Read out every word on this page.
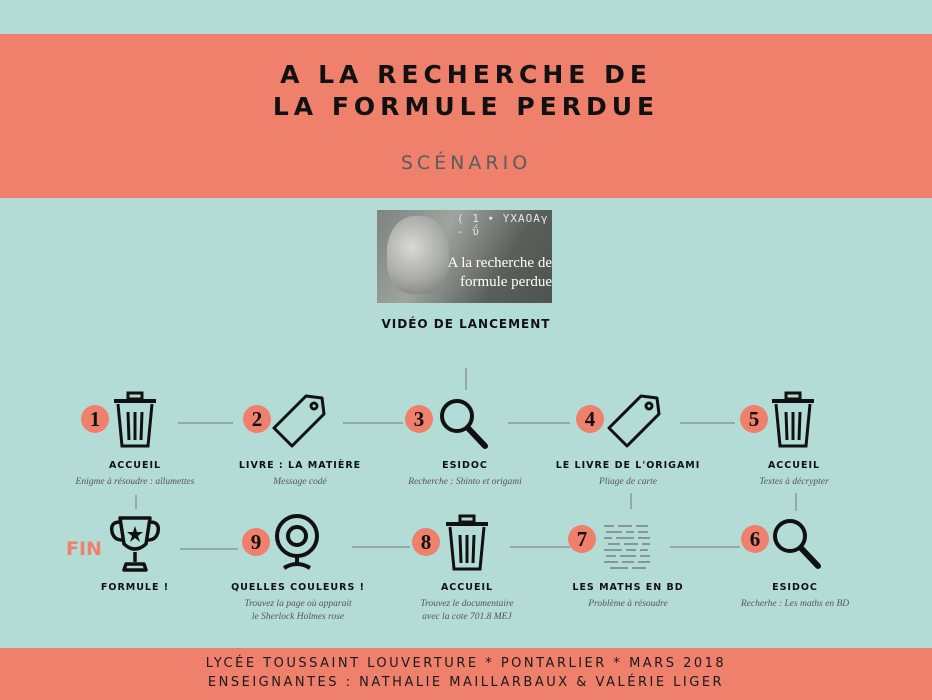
A LA RECHERCHE DE
LA FORMULE PERDUE
SCÉNARIO
( 1 ∙ ΥΧΑΟΑγ - ΰ
A la recherche de
formule perdue
VIDÉO DE LANCEMENT
1
ACCUEIL
Enigme à résoudre : allumettes
2
LIVRE : LA MATIÈRE
Message codé
3
ESIDOC
Recherche : Shinto et origami
4
LE LIVRE DE L'ORIGAMI
Pliage de carte
5
ACCUEIL
Textes à décrypter
6
ESIDOC
Recherhe : Les maths en BD
7
LES MATHS EN BD
Problème à résoudre
8
ACCUEIL
Trouvez le documentaire
avec la cote 701.8 MEJ
9
QUELLES COULEURS !
Trouvez la page où apparait
le Sherlock Holmes rose
FIN
FORMULE !
LYCÉE TOUSSAINT LOUVERTURE * PONTARLIER * MARS 2018
ENSEIGNANTES : NATHALIE MAILLARBAUX & VALÉRIE LIGER
